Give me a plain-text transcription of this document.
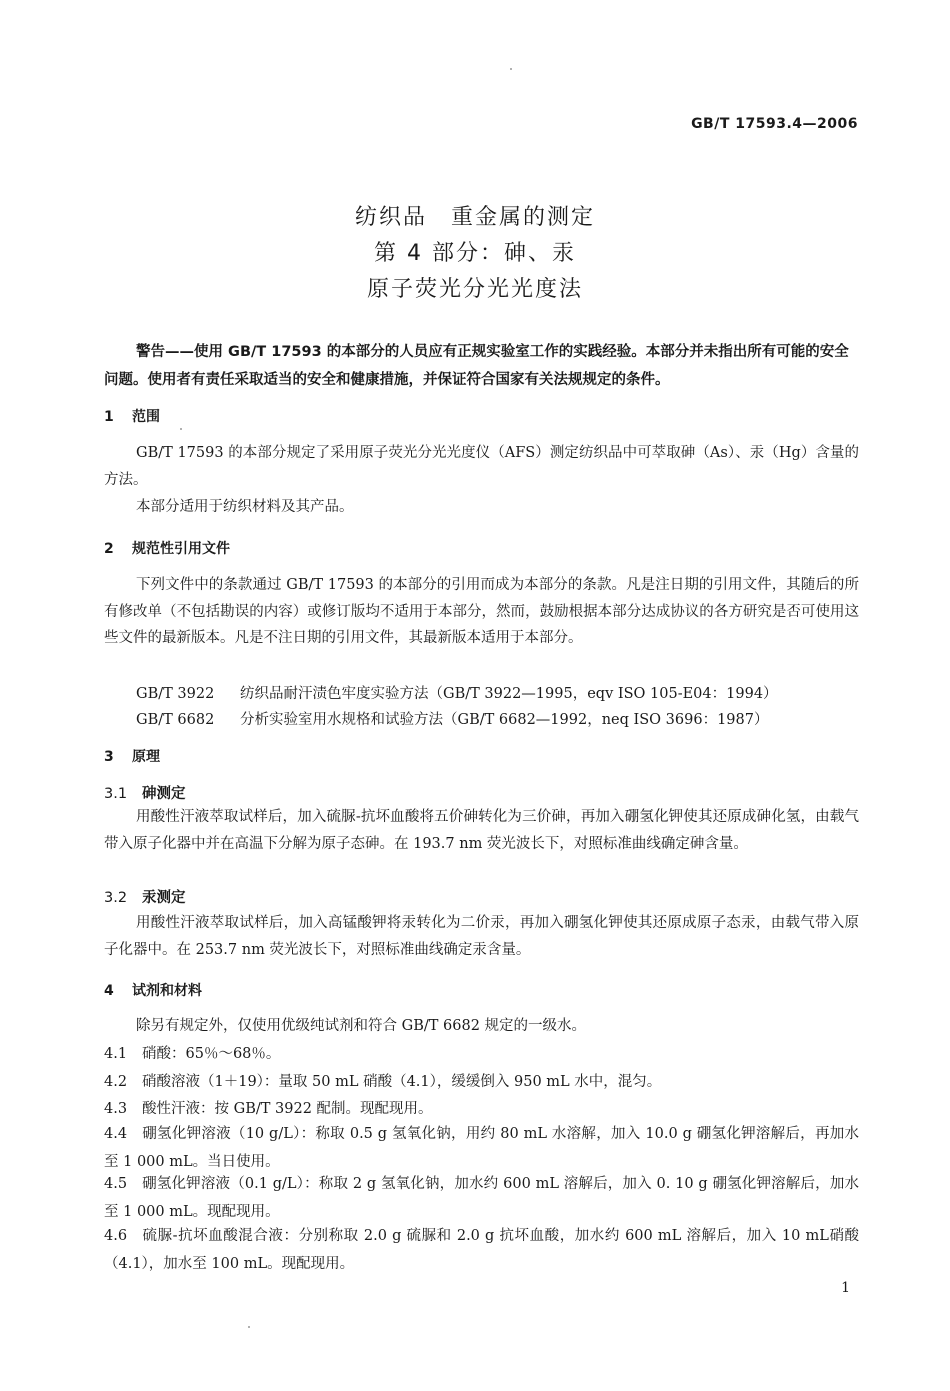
GB/T 17593.4—2006
纺织品　重金属的测定
第 4 部分：砷、汞
原子荧光分光光度法
警告——使用 GB/T 17593 的本部分的人员应有正规实验室工作的实践经验。本部分并未指出所有可能的安全问题。使用者有责任采取适当的安全和健康措施，并保证符合国家有关法规规定的条件。
1 范围
GB/T 17593 的本部分规定了采用原子荧光分光光度仪（AFS）测定纺织品中可萃取砷（As）、汞（Hg）含量的方法。
本部分适用于纺织材料及其产品。
2 规范性引用文件
下列文件中的条款通过 GB/T 17593 的本部分的引用而成为本部分的条款。凡是注日期的引用文件，其随后的所有修改单（不包括勘误的内容）或修订版均不适用于本部分，然而，鼓励根据本部分达成协议的各方研究是否可使用这些文件的最新版本。凡是不注日期的引用文件，其最新版本适用于本部分。
GB/T 3922 纺织品耐汗渍色牢度实验方法（GB/T 3922—1995，eqv ISO 105-E04：1994）
GB/T 6682 分析实验室用水规格和试验方法（GB/T 6682—1992，neq ISO 3696：1987）
3 原理
3.1 砷测定
用酸性汗液萃取试样后，加入硫脲-抗坏血酸将五价砷转化为三价砷，再加入硼氢化钾使其还原成砷化氢，由载气带入原子化器中并在高温下分解为原子态砷。在 193.7 nm 荧光波长下，对照标准曲线确定砷含量。
3.2 汞测定
用酸性汗液萃取试样后，加入高锰酸钾将汞转化为二价汞，再加入硼氢化钾使其还原成原子态汞，由载气带入原子化器中。在 253.7 nm 荧光波长下，对照标准曲线确定汞含量。
4 试剂和材料
除另有规定外，仅使用优级纯试剂和符合 GB/T 6682 规定的一级水。
4.1 硝酸：65％～68％。
4.2 硝酸溶液（1＋19）：量取 50 mL 硝酸（4.1），缓缓倒入 950 mL 水中，混匀。
4.3 酸性汗液：按 GB/T 3922 配制。现配现用。
4.4 硼氢化钾溶液（10 g/L）：称取 0.5 g 氢氧化钠，用约 80 mL 水溶解，加入 10.0 g 硼氢化钾溶解后，再加水至 1 000 mL。当日使用。
4.5 硼氢化钾溶液（0.1 g/L）：称取 2 g 氢氧化钠，加水约 600 mL 溶解后，加入 0. 10 g 硼氢化钾溶解后，加水至 1 000 mL。现配现用。
4.6 硫脲-抗坏血酸混合液：分别称取 2.0 g 硫脲和 2.0 g 抗坏血酸，加水约 600 mL 溶解后，加入 10 mL硝酸（4.1），加水至 100 mL。现配现用。
1
